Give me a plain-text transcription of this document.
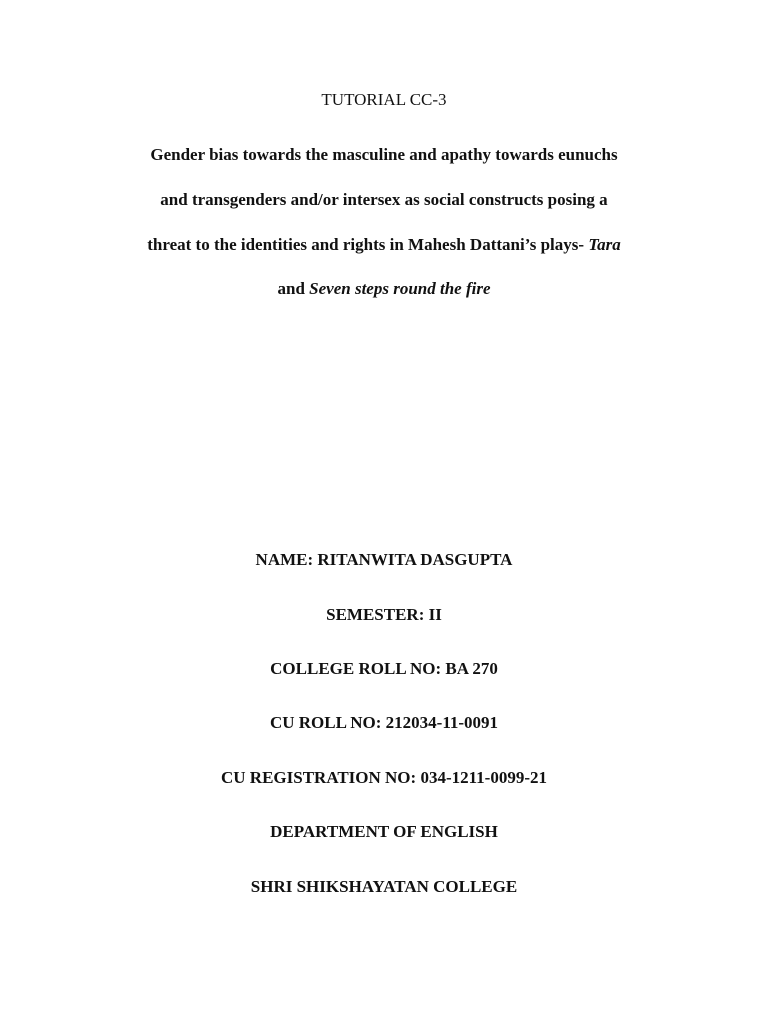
TUTORIAL CC-3
Gender bias towards the masculine and apathy towards eunuchs
and transgenders and/or intersex as social constructs posing a
threat to the identities and rights in Mahesh Dattani’s plays- Tara
and Seven steps round the fire
NAME: RITANWITA DASGUPTA
SEMESTER: II
COLLEGE ROLL NO: BA 270
CU ROLL NO: 212034-11-0091
CU REGISTRATION NO: 034-1211-0099-21
DEPARTMENT OF ENGLISH
SHRI SHIKSHAYATAN COLLEGE
